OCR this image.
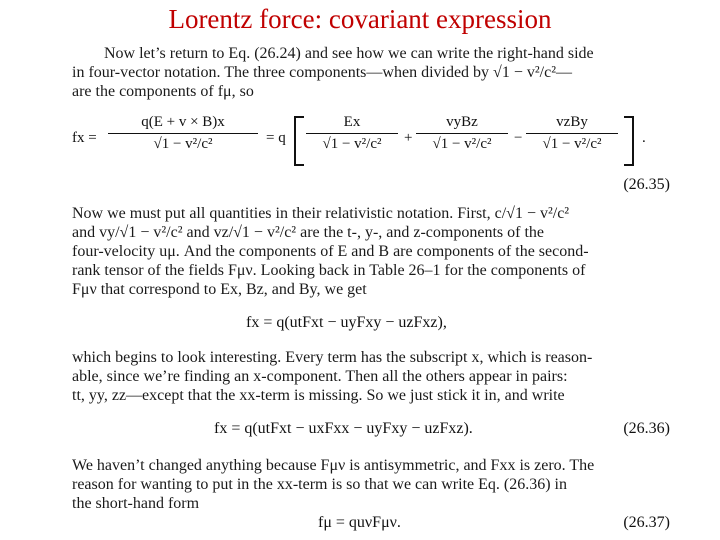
Lorentz force: covariant expression
Now let’s return to Eq. (26.24) and see how we can write the right-hand side
in four-vector notation. The three components—when divided by √1 − v²/c²—
are the components of fμ, so
fx = $\frac{q(E + v \times B)x}{\text{√1 − v²/c²}} = q \frac{Ex}{\text{√1 − v²/c²}}$ +
vyBz
√1 − v²/c²	−
vzBy
√1 − v²/c²	.
(26.35)
Now we must put all quantities in their relativistic notation. First, c/√1 − v²/c²
and vy/√1 − v²/c² and vz/√1 − v²/c² are the t-, y-, and z-components of the
four-velocity uμ. And the components of E and B are components of the second-
rank tensor of the fields Fμν. Looking back in Table 26–1 for the components of
Fμν that correspond to Ex, Bz, and By, we get
fx = q(utFxt − uyFxy − uzFxz),
which begins to look interesting. Every term has the subscript x, which is reason-
able, since we’re finding an x-component. Then all the others appear in pairs:
tt, yy, zz—except that the xx-term is missing. So we just stick it in, and write
fx = q(utFxt − uxFxx − uyFxy − uzFxz).	(26.36)
We haven’t changed anything because Fμν is antisymmetric, and Fxx is zero. The
reason for wanting to put in the xx-term is so that we can write Eq. (26.36) in
the short-hand form
fμ = quνFμν.	(26.37)
